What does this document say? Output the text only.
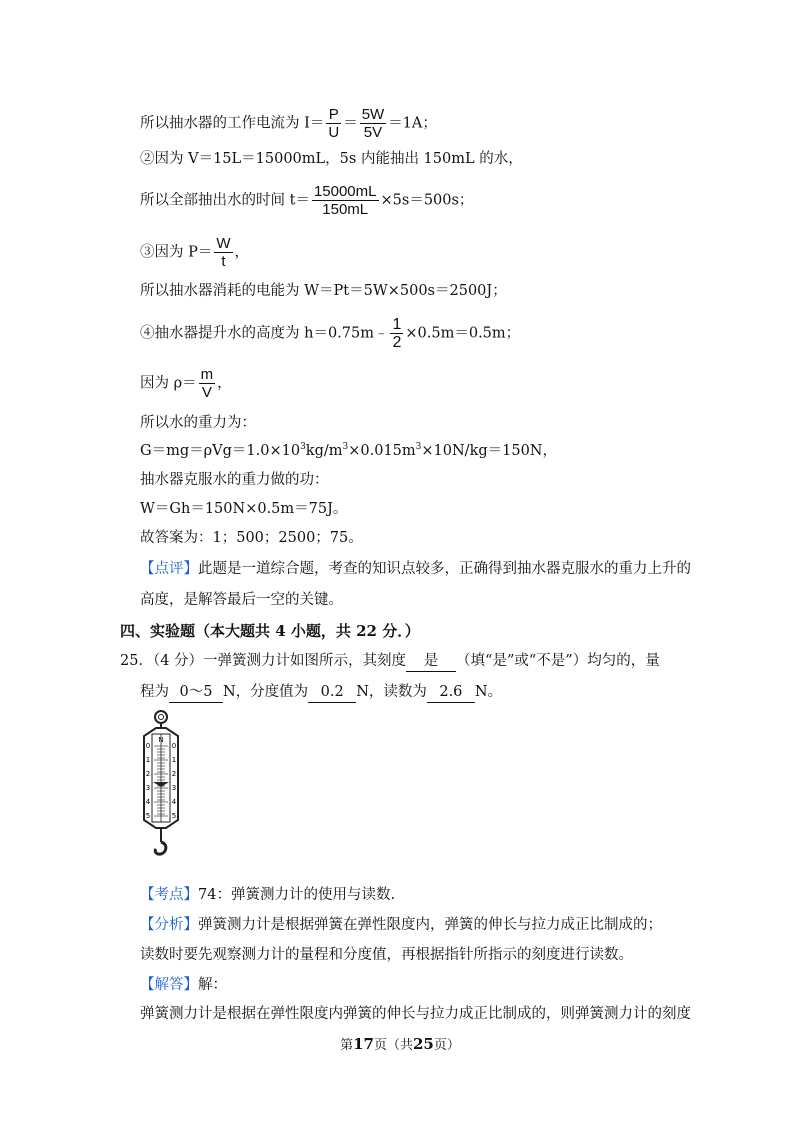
所以抽水器的工作电流为 $I= \frac{P}{U} = \frac{5W}{5V} =1A$；
②因为 V＝15L＝15000mL，5s 内能抽出 150mL 的水，
所以全部抽出水的时间 $t= \frac{15000mL}{150mL} \times 5s=500s$；
③因为 $P= \frac{W}{t}$ ，
所以抽水器消耗的电能为 W＝Pt＝5W×500s＝2500J；
④抽水器提升水的高度为 h＝0.75m﹣ $\frac{1}{2} \times 0.5m=0.5m$；
因为 $\rho= \frac{m}{V}$ ，
所以水的重力为：
$G=mg=\rho Vg=1.0\times 10^3kg/m^3\times 0.015m^3\times 10N/kg=150N$，
抽水器克服水的重力做的功：
W＝Gh＝150N×0.5m＝75J。
故答案为：1；500；2500；75。
【点评】此题是一道综合题，考查的知识点较多，正确得到抽水器克服水的重力上升的
高度，是解答最后一空的关键。
四、实验题（本大题共 4 小题，共 22 分．）
25．（4 分）一弹簧测力计如图所示，其刻度 是 （填“是”或“不是”）均匀的，量
程为 0～5 N，分度值为 0.2 N，读数为 2.6 N。
N
0
1
2
3
4
5
0
1
2
3
4
5
【考点】74：弹簧测力计的使用与读数.
【分析】弹簧测力计是根据弹簧在弹性限度内，弹簧的伸长与拉力成正比制成的；
读数时要先观察测力计的量程和分度值，再根据指针所指示的刻度进行读数。
【解答】解：
弹簧测力计是根据在弹性限度内弹簧的伸长与拉力成正比制成的，则弹簧测力计的刻度
第17页（共25页）
